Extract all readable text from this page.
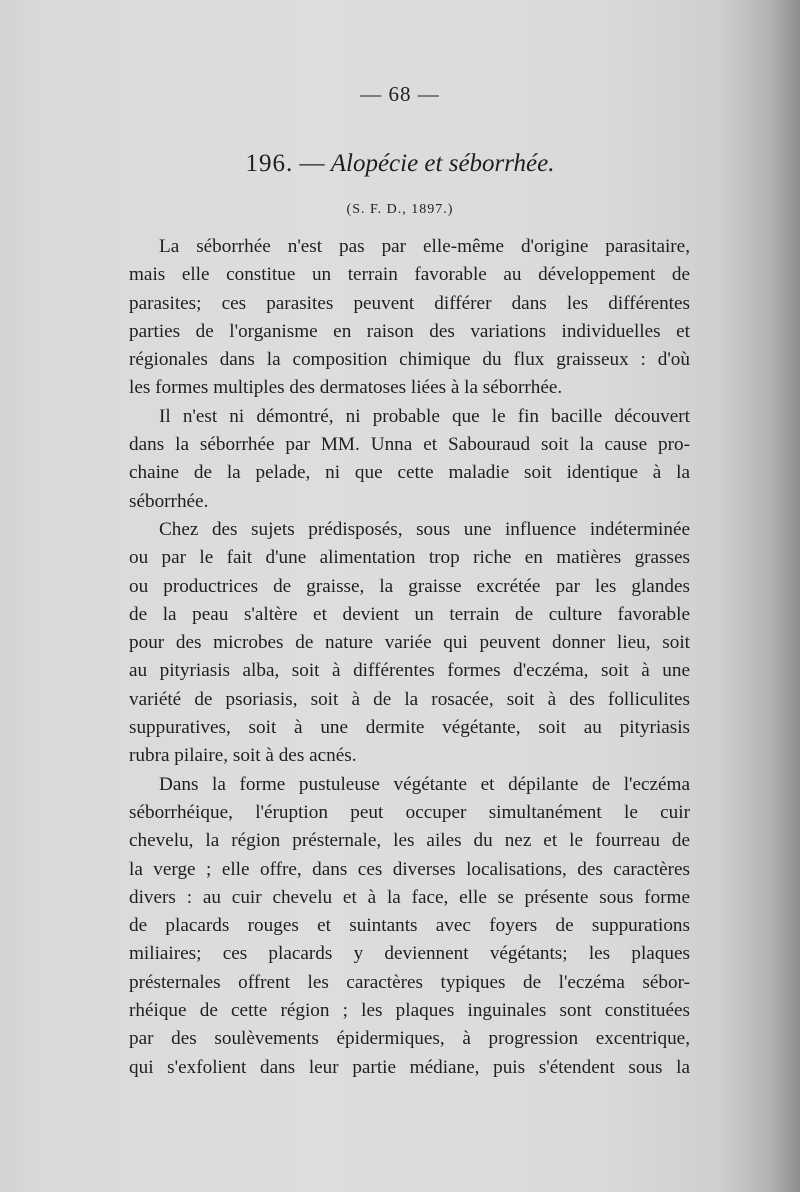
— 68 —
196. — Alopécie et séborrhée.
(S. F. D., 1897.)
La séborrhée n'est pas par elle-même d'origine parasitaire,
mais elle constitue un terrain favorable au développement de
parasites; ces parasites peuvent différer dans les différentes
parties de l'organisme en raison des variations individuelles et
régionales dans la composition chimique du flux graisseux : d'où
les formes multiples des dermatoses liées à la séborrhée.
Il n'est ni démontré, ni probable que le fin bacille découvert
dans la séborrhée par MM. Unna et Sabouraud soit la cause pro-
chaine de la pelade, ni que cette maladie soit identique à la
séborrhée.
Chez des sujets prédisposés, sous une influence indéterminée
ou par le fait d'une alimentation trop riche en matières grasses
ou productrices de graisse, la graisse excrétée par les glandes
de la peau s'altère et devient un terrain de culture favorable
pour des microbes de nature variée qui peuvent donner lieu, soit
au pityriasis alba, soit à différentes formes d'eczéma, soit à une
variété de psoriasis, soit à de la rosacée, soit à des folliculites
suppuratives, soit à une dermite végétante, soit au pityriasis
rubra pilaire, soit à des acnés.
Dans la forme pustuleuse végétante et dépilante de l'eczéma
séborrhéique, l'éruption peut occuper simultanément le cuir
chevelu, la région présternale, les ailes du nez et le fourreau de
la verge ; elle offre, dans ces diverses localisations, des caractères
divers : au cuir chevelu et à la face, elle se présente sous forme
de placards rouges et suintants avec foyers de suppurations
miliaires; ces placards y deviennent végétants; les plaques
présternales offrent les caractères typiques de l'eczéma sébor-
rhéique de cette région ; les plaques inguinales sont constituées
par des soulèvements épidermiques, à progression excentrique,
qui s'exfolient dans leur partie médiane, puis s'étendent sous la
